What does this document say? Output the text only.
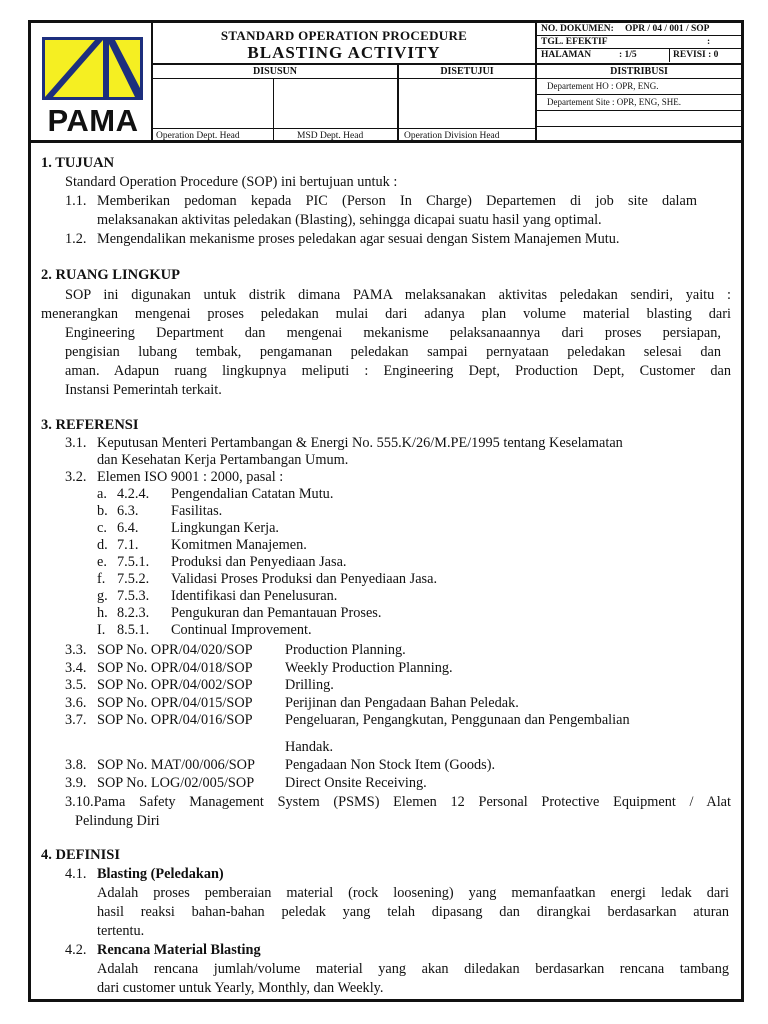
PAMA
STANDARD OPERATION PROCEDURE
BLASTING ACTIVITY
NO. DOKUMEN: OPR / 04 / 001 / SOP
TGL. EFEKTIF	:
HALAMAN	: 1/5	REVISI : 0
DISUSUN
Operation Dept. Head	MSD Dept. Head
DISETUJUI
Operation Division Head
DISTRIBUSI
Departement HO : OPR, ENG.
Departement Site : OPR, ENG, SHE.
1. TUJUAN
Standard Operation Procedure (SOP) ini bertujuan untuk :
1.1. Memberikan pedoman kepada PIC (Person In Charge) Departemen di job site dalam
melaksanakan aktivitas peledakan (Blasting), sehingga dicapai suatu hasil yang optimal.
1.2. Mengendalikan mekanisme proses peledakan agar sesuai dengan Sistem Manajemen Mutu.
2. RUANG LINGKUP
SOP ini digunakan untuk distrik dimana PAMA melaksanakan aktivitas peledakan sendiri, yaitu :
menerangkan mengenai proses peledakan mulai dari adanya plan volume material blasting dari
Engineering Department dan mengenai mekanisme pelaksanaannya dari proses persiapan,
pengisian lubang tembak, pengamanan peledakan sampai pernyataan peledakan selesai dan
aman. Adapun ruang lingkupnya meliputi : Engineering Dept, Production Dept, Customer dan
Instansi Pemerintah terkait.
3. REFERENSI
3.1. Keputusan Menteri Pertambangan & Energi No. 555.K/26/M.PE/1995 tentang Keselamatan
dan Kesehatan Kerja Pertambangan Umum.
3.2. Elemen ISO 9001 : 2000, pasal :
a. 4.2.4. Pengendalian Catatan Mutu.
b. 6.3. Fasilitas.
c. 6.4. Lingkungan Kerja.
d. 7.1. Komitmen Manajemen.
e. 7.5.1. Produksi dan Penyediaan Jasa.
f. 7.5.2. Validasi Proses Produksi dan Penyediaan Jasa.
g. 7.5.3. Identifikasi dan Penelusuran.
h. 8.2.3. Pengukuran dan Pemantauan Proses.
I. 8.5.1. Continual Improvement.
3.3. SOP No. OPR/04/020/SOP Production Planning.
3.4. SOP No. OPR/04/018/SOP Weekly Production Planning.
3.5. SOP No. OPR/04/002/SOP Drilling.
3.6. SOP No. OPR/04/015/SOP Perijinan dan Pengadaan Bahan Peledak.
3.7. SOP No. OPR/04/016/SOP Pengeluaran, Pengangkutan, Penggunaan dan Pengembalian
Handak.
3.8. SOP No. MAT/00/006/SOP Pengadaan Non Stock Item (Goods).
3.9. SOP No. LOG/02/005/SOP Direct Onsite Receiving.
3.10.Pama Safety Management System (PSMS) Elemen 12 Personal Protective Equipment / Alat
Pelindung Diri
4. DEFINISI
4.1. Blasting (Peledakan)
Adalah proses pemberaian material (rock loosening) yang memanfaatkan energi ledak dari
hasil reaksi bahan-bahan peledak yang telah dipasang dan dirangkai berdasarkan aturan
tertentu.
4.2. Rencana Material Blasting
Adalah rencana jumlah/volume material yang akan diledakan berdasarkan rencana tambang
dari customer untuk Yearly, Monthly, dan Weekly.
